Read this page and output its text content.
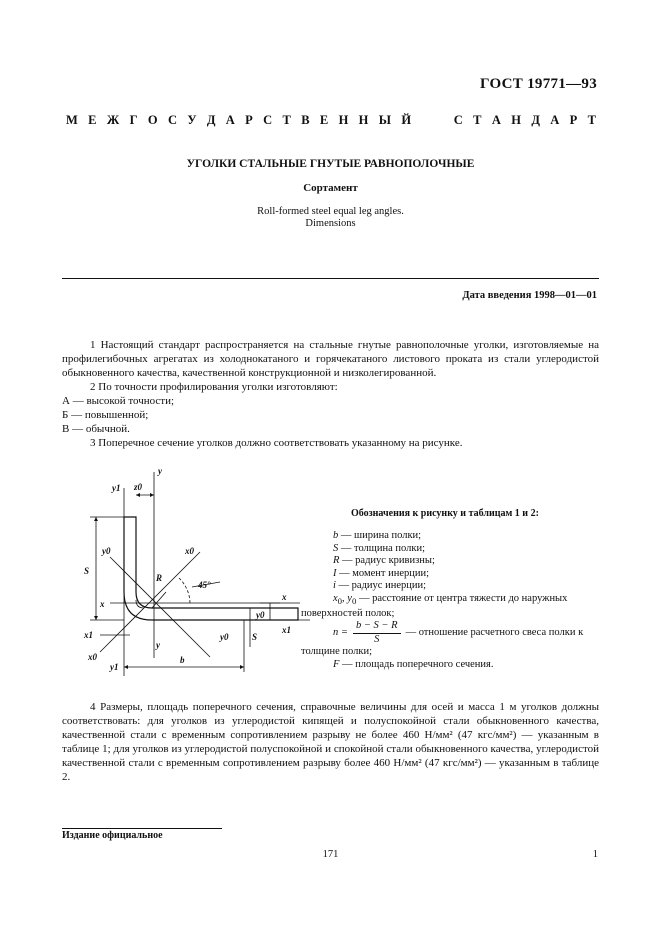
ГОСТ 19771—93
М Е Ж Г О С У Д А Р С Т В Е Н Н Ы Й	С Т А Н Д А Р Т
УГОЛКИ СТАЛЬНЫЕ ГНУТЫЕ РАВНОПОЛОЧНЫЕ
Сортамент
Roll-formed steel equal leg angles.
Dimensions
Дата введения 1998—01—01

1 Настоящий стандарт распространяется на стальные гнутые равнополочные уголки, изготовляемые на профилегибочных агрегатах из холоднокатаного и горячекатаного листового проката из стали углеродистой обыкновенного качества, качественной конструкционной и низколегированной.

2 По точности профилирования уголки изготовляют:

А — высокой точности;

Б — повышенной;

В — обычной.

3 Поперечное сечение уголков должно соответствовать указанному на рисунке.

y
y1 z0
y0	x0
S
R
45°
x
x
y0
x1
x1	y0
y
x0
y1
b
S
Обозначения к рисунку и таблицам 1 и 2:
b — ширина полки;
S — толщина полки;
R — радиус кривизны;
I — момент инерции;
i — радиус инерции;
$x_0$, $y_0$ — расстояние от центра тяжести до наружных
поверхностей полок;
$n = \frac{b - S - R}{S}$ — отношение расчетного свеса полки к
толщине полки;
F — площадь поперечного сечения.

4 Размеры, площадь поперечного сечения, справочные величины для осей и масса 1 м уголков должны соответствовать: для уголков из углеродистой кипящей и полуспокойной стали обыкновенного качества, качественной стали с временным сопротивлением разрыву не более 460 Н/мм² (47 кгс/мм²) — указанным в таблице 1; для уголков из углеродистой полуспокойной и спокойной стали обыкновенного качества, углеродистой качественной стали с временным сопротивлением разрыву более 460 Н/мм² (47 кгс/мм²) — указанным в таблице 2.

Издание официальное
171	1
